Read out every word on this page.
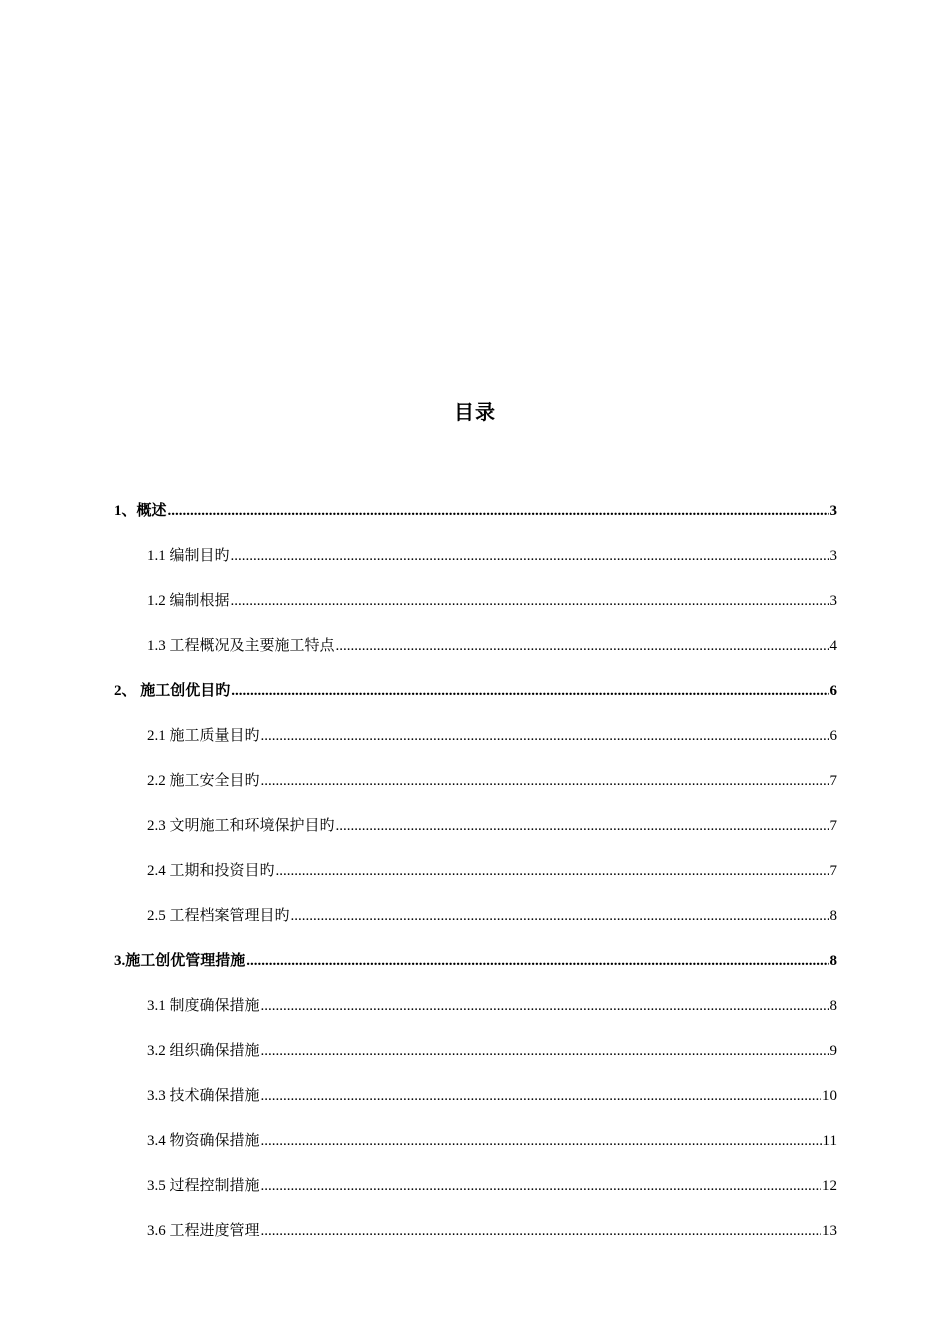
目录
1、概述 .....	3
1.1 编制目旳 .....	3
1.2 编制根据 .....	3
1.3 工程概况及主要施工特点 .....	4
2、 施工创优目旳 .....	6
2.1 施工质量目旳 .....	6
2.2 施工安全目旳 .....	7
2.3 文明施工和环境保护目旳 .....	7
2.4 工期和投资目旳 .....	7
2.5 工程档案管理目旳 .....	8
3.施工创优管理措施 .....	8
3.1 制度确保措施 .....	8
3.2 组织确保措施 .....	9
3.3 技术确保措施 .....	10
3.4 物资确保措施 .....	11
3.5 过程控制措施 .....	12
3.6 工程进度管理 .....	13
